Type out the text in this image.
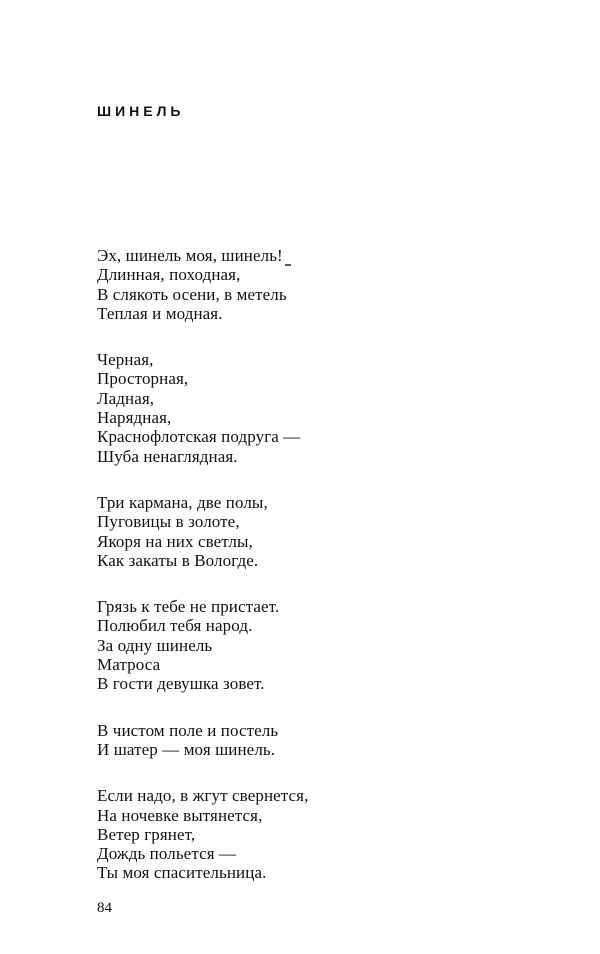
ШИНЕЛЬ
Эх, шинель моя, шинель!
Длинная, походная,
В слякоть осени, в метель
Теплая и модная.
Черная,
Просторная,
Ладная,
Нарядная,
Краснофлотская подруга —
Шуба ненаглядная.
Три кармана, две полы,
Пуговицы в золоте,
Якоря на них светлы,
Как закаты в Вологде.
Грязь к тебе не пристает.
Полюбил тебя народ.
За одну шинель
Матроса
В гости девушка зовет.
В чистом поле и постель
И шатер — моя шинель.
Если надо, в жгут свернется,
На ночевке вытянется,
Ветер грянет,
Дождь польется —
Ты моя спасительница.
84
